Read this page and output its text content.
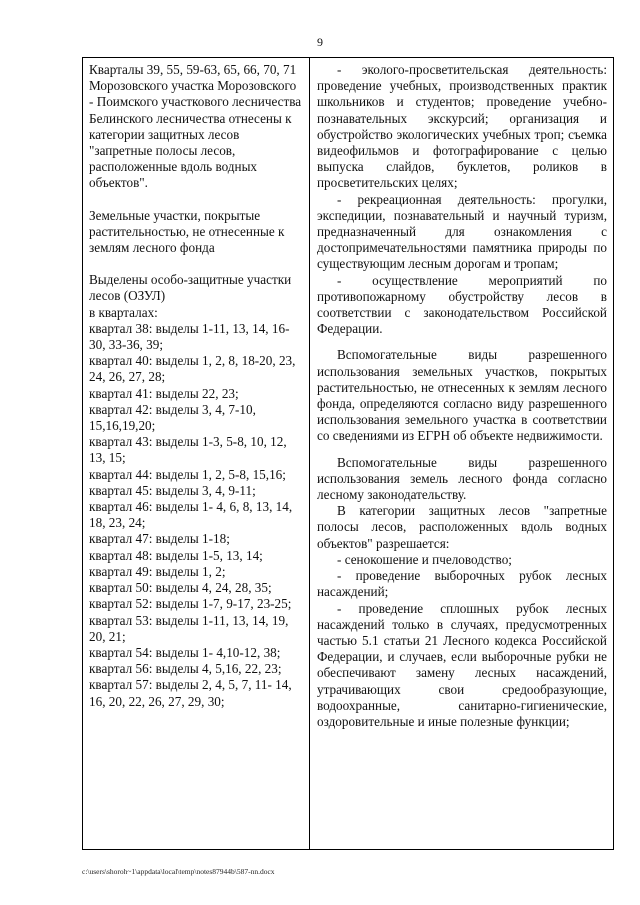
9

Кварталы 39, 55, 59-63, 65, 66, 70, 71 Морозовского участка Морозовского - Поимского участкового лесничества Белинского лесничества отнесены к категории защитных лесов "запретные полосы лесов, расположенные вдоль водных объектов".

Земельные участки, покрытые растительностью, не отнесенные к землям лесного фонда

Выделены особо-защитные участки лесов (ОЗУЛ)

в кварталах:

квартал 38: выделы 1-11, 13, 14, 16-30, 33-36, 39;

квартал 40: выделы 1, 2, 8, 18-20, 23, 24, 26, 27, 28;

квартал 41: выделы 22, 23;

квартал 42: выделы 3, 4, 7-10, 15,16,19,20;

квартал 43: выделы 1-3, 5-8, 10, 12, 13, 15;

квартал 44: выделы 1, 2, 5-8, 15,16;

квартал 45: выделы 3, 4, 9-11;

квартал 46: выделы 1- 4, 6, 8, 13, 14, 18, 23, 24;

квартал 47: выделы 1-18;

квартал 48: выделы 1-5, 13, 14;

квартал 49: выделы 1, 2;

квартал 50: выделы 4, 24, 28, 35;

квартал 52: выделы 1-7, 9-17, 23-25;

квартал 53: выделы 1-11, 13, 14, 19, 20, 21;

квартал 54: выделы 1- 4,10-12, 38;

квартал 56: выделы 4, 5,16, 22, 23;

квартал 57: выделы 2, 4, 5, 7, 11- 14, 16, 20, 22, 26, 27, 29, 30;

- эколого-просветительская деятельность: проведение учебных, производственных практик школьников и студентов; проведение учебно-познавательных экскурсий; организация и обустройство экологических учебных троп; съемка видеофильмов и фотографирование с целью выпуска слайдов, буклетов, роликов в просветительских целях;

- рекреационная деятельность: прогулки, экспедиции, познавательный и научный туризм, предназначенный для ознакомления с достопримечательностями памятника природы по существующим лесным дорогам и тропам;

- осуществление мероприятий по противопожарному обустройству лесов в соответствии с законодательством Российской Федерации.

Вспомогательные виды разрешенного использования земельных участков, покрытых растительностью, не отнесенных к землям лесного фонда, определяются согласно виду разрешенного использования земельного участка в соответствии со сведениями из ЕГРН об объекте недвижимости.

Вспомогательные виды разрешенного использования земель лесного фонда согласно лесному законодательству.

В категории защитных лесов "запретные полосы лесов, расположенных вдоль водных объектов" разрешается:

- сенокошение и пчеловодство;

- проведение выборочных рубок лесных насаждений;

- проведение сплошных рубок лесных насаждений только в случаях, предусмотренных частью 5.1 статьи 21 Лесного кодекса Российской Федерации, и случаев, если выборочные рубки не обеспечивают замену лесных насаждений, утрачивающих свои средообразующие, водоохранные, санитарно-гигиенические, оздоровительные и иные полезные функции;

c:\users\shoroh~1\appdata\local\temp\notes87944b\587-nn.docx
